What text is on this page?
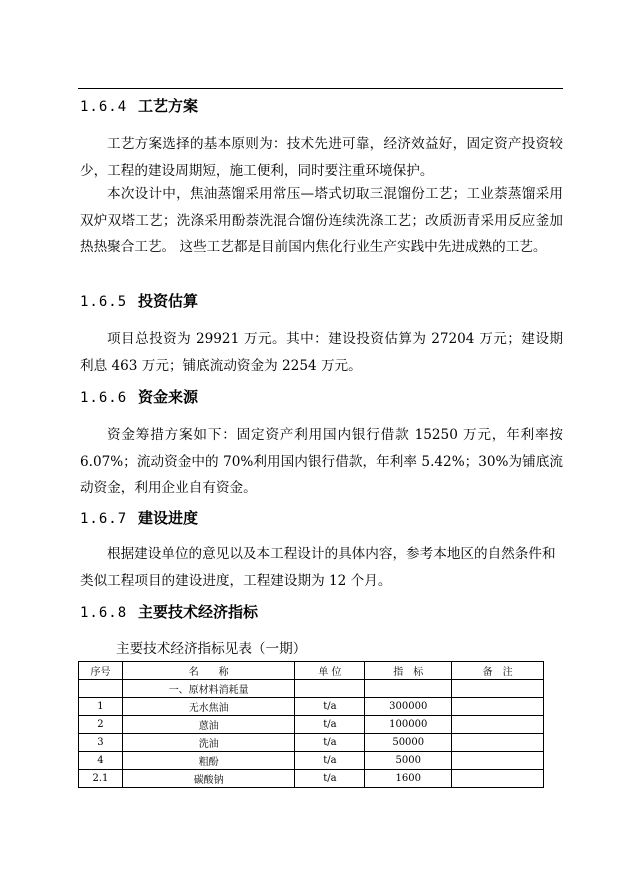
1.6.4 工艺方案
工艺方案选择的基本原则为：技术先进可靠，经济效益好，固定资产投资较少，工程的建设周期短，施工便利，同时要注重环境保护。
本次设计中，焦油蒸馏采用常压—塔式切取三混馏份工艺；工业萘蒸馏采用双炉双塔工艺；洗涤采用酚萘洗混合馏份连续洗涤工艺；改质沥青采用反应釜加热热聚合工艺。 这些工艺都是目前国内焦化行业生产实践中先进成熟的工艺。
1.6.5 投资估算
项目总投资为 29921 万元。其中：建设投资估算为 27204 万元；建设期利息 463 万元；铺底流动资金为 2254 万元。
1.6.6 资金来源
资金筹措方案如下：固定资产利用国内银行借款 15250 万元，年利率按 6.07%；流动资金中的 70%利用国内银行借款，年利率 5.42%；30%为铺底流动资金，利用企业自有资金。
1.6.7 建设进度
根据建设单位的意见以及本工程设计的具体内容，参考本地区的自然条件和类似工程项目的建设进度，工程建设期为 12 个月。
1.6.8 主要技术经济指标
主要技术经济指标见表（一期）
序号	名　　称	单 位	指　标	备　注
	一、原材料消耗量			
1	无水焦油	t/a	300000	
2	蒽油	t/a	100000	
3	洗油	t/a	50000	
4	粗酚	t/a	5000	
2.1	碳酸钠	t/a	1600	
